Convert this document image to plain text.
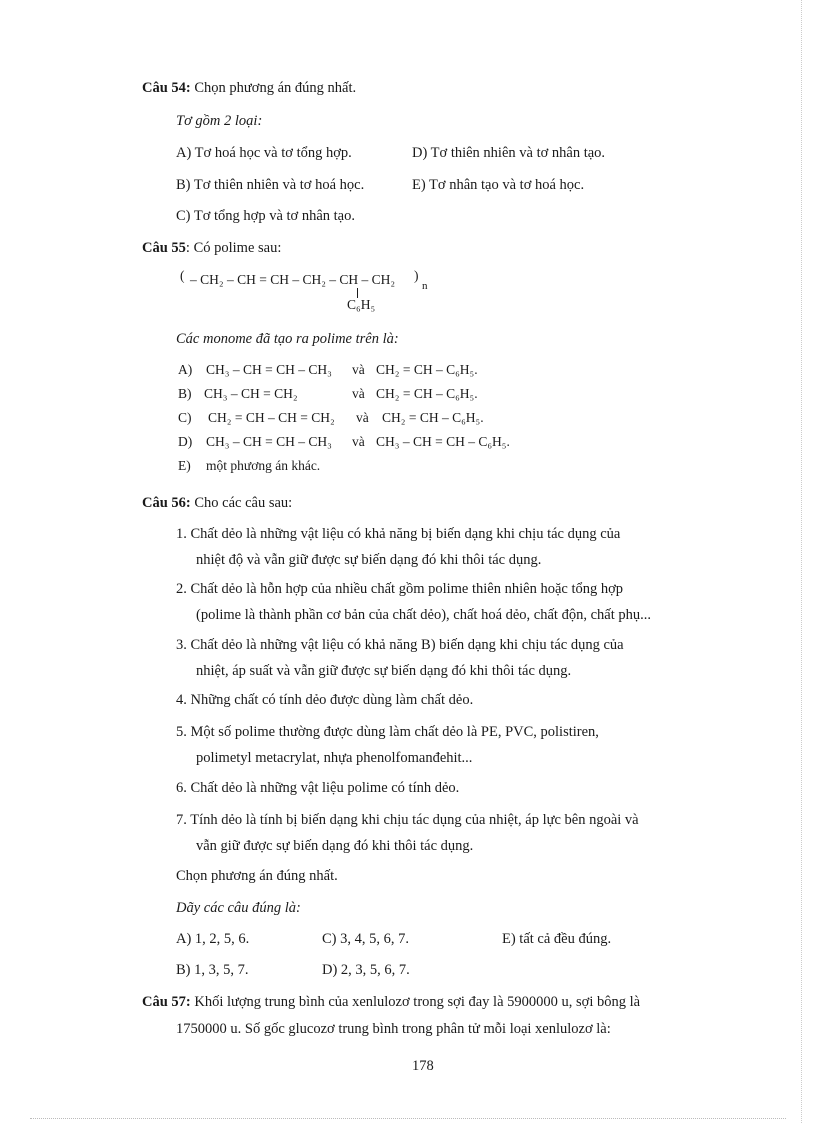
Câu 54: Chọn phương án đúng nhất.
Tơ gồm 2 loại:
A) Tơ hoá học và tơ tổng hợp.	D) Tơ thiên nhiên và tơ nhân tạo.
B) Tơ thiên nhiên và tơ hoá học.	E) Tơ nhân tạo và tơ hoá học.
C) Tơ tổng hợp và tơ nhân tạo.
Câu 55: Có polime sau:
( – CH₂ – CH = CH – CH₂ – CH – CH₂ )
n
C₆H₅
Các monome đã tạo ra polime trên là:
A) CH₃ – CH = CH – CH₃ và CH₂ = CH – C₆H₅.
B) CH₃ – CH = CH₂	và CH₂ = CH – C₆H₅.
C) CH₂ = CH – CH = CH₂ và CH₂ = CH – C₆H₅.
D) CH₃ – CH = CH – CH₃ và CH₃ – CH = CH – C₆H₅.
E) một phương án khác.
Câu 56: Cho các câu sau:
1. Chất dẻo là những vật liệu có khả năng bị biến dạng khi chịu tác dụng của
nhiệt độ và vẫn giữ được sự biến dạng đó khi thôi tác dụng.
2. Chất dẻo là hỗn hợp của nhiều chất gồm polime thiên nhiên hoặc tổng hợp
(polime là thành phần cơ bản của chất dẻo), chất hoá dẻo, chất độn, chất phụ...
3. Chất dẻo là những vật liệu có khả năng B) biến dạng khi chịu tác dụng của
nhiệt, áp suất và vẫn giữ được sự biến dạng đó khi thôi tác dụng.
4. Những chất có tính dẻo được dùng làm chất dẻo.
5. Một số polime thường được dùng làm chất dẻo là PE, PVC, polistiren,
polimetyl metacrylat, nhựa phenolfomanđehit...
6. Chất dẻo là những vật liệu polime có tính dẻo.
7. Tính dẻo là tính bị biến dạng khi chịu tác dụng của nhiệt, áp lực bên ngoài và
vẫn giữ được sự biến dạng đó khi thôi tác dụng.
Chọn phương án đúng nhất.
Dãy các câu đúng là:
A) 1, 2, 5, 6.	C) 3, 4, 5, 6, 7.	E) tất cả đều đúng.
B) 1, 3, 5, 7.	D) 2, 3, 5, 6, 7.
Câu 57: Khối lượng trung bình của xenlulozơ trong sợi đay là 5900000 u, sợi bông là
1750000 u. Số gốc glucozơ trung bình trong phân tử mỗi loại xenlulozơ là:
178
